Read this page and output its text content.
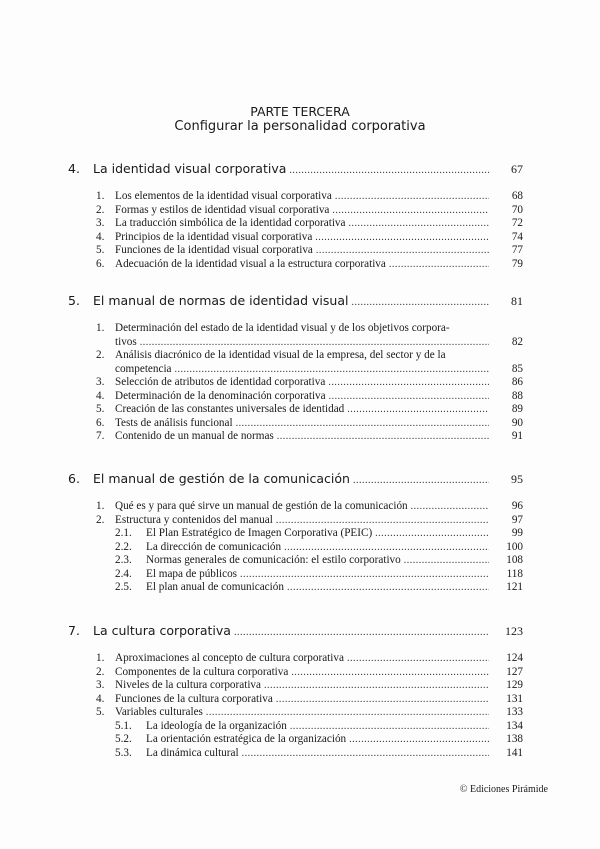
PARTE TERCERA
Configurar la personalidad corporativa
4. La identidad visual corporativa .....	67
1. Los elementos de la identidad visual corporativa .....	68
2. Formas y estilos de identidad visual corporativa .....	70
3. La traducción simbólica de la identidad corporativa .....	72
4. Principios de la identidad visual corporativa .....	74
5. Funciones de la identidad visual corporativa .....	77
6. Adecuación de la identidad visual a la estructura corporativa .....	79
5. El manual de normas de identidad visual .....	81
1. Determinación del estado de la identidad visual y de los objetivos corpora-
tivos .....	82
2. Análisis diacrónico de la identidad visual de la empresa, del sector y de la
competencia .....	85
3. Selección de atributos de identidad corporativa .....	86
4. Determinación de la denominación corporativa .....	88
5. Creación de las constantes universales de identidad .....	89
6. Tests de análisis funcional .....	90
7. Contenido de un manual de normas .....	91
6. El manual de gestión de la comunicación .....	95
1. Qué es y para qué sirve un manual de gestión de la comunicación .....	96
2. Estructura y contenidos del manual .....	97
2.1. El Plan Estratégico de Imagen Corporativa (PEIC) .....	99
2.2. La dirección de comunicación .....	100
2.3. Normas generales de comunicación: el estilo corporativo .....	108
2.4. El mapa de públicos .....	118
2.5. El plan anual de comunicación .....	121
7. La cultura corporativa .....	123
1. Aproximaciones al concepto de cultura corporativa .....	124
2. Componentes de la cultura corporativa .....	127
3. Niveles de la cultura corporativa .....	129
4. Funciones de la cultura corporativa .....	131
5. Variables culturales .....	133
5.1. La ideología de la organización .....	134
5.2. La orientación estratégica de la organización .....	138
5.3. La dinámica cultural .....	141
© Ediciones Pirámide
